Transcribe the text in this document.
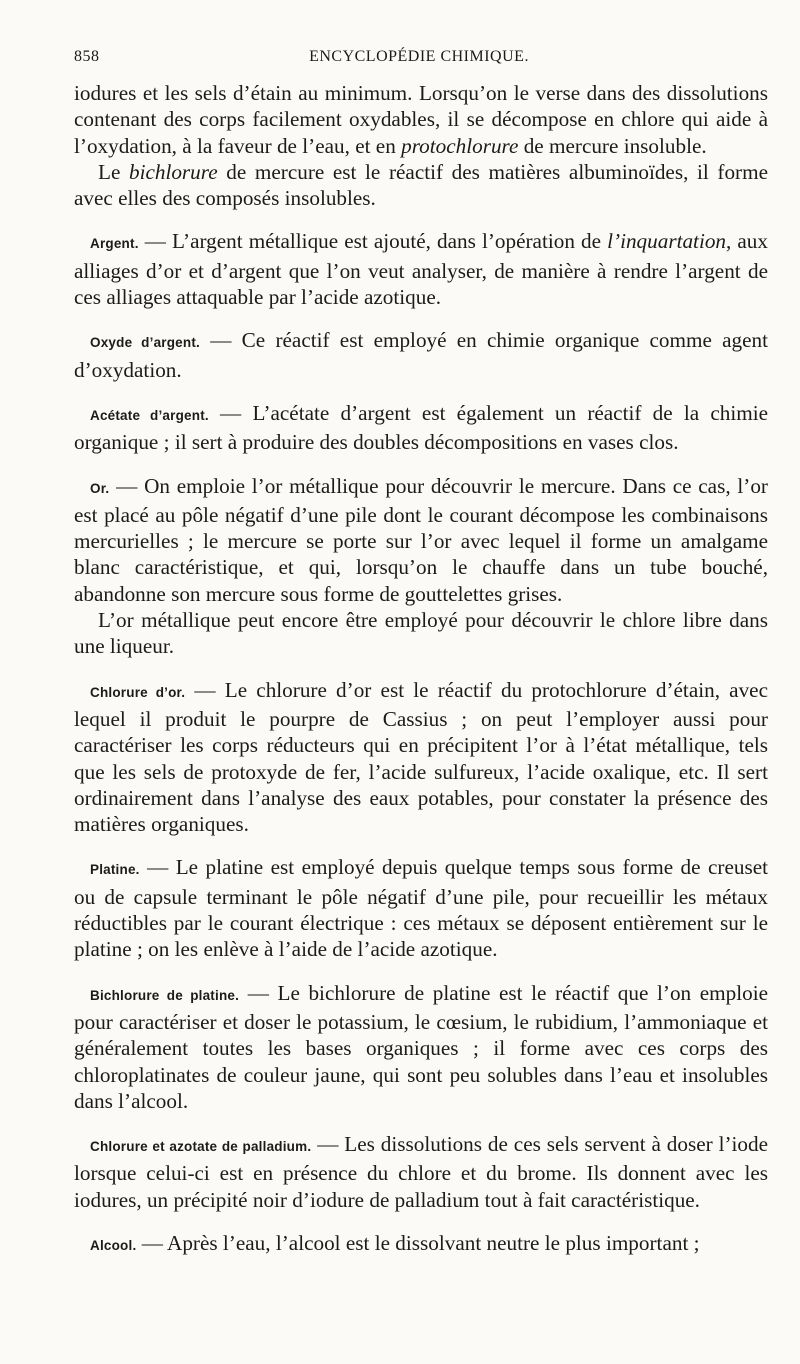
858	ENCYCLOPÉDIE CHIMIQUE.

iodures et les sels d’étain au minimum. Lorsqu’on le verse dans des dissolutions contenant des corps facilement oxydables, il se décompose en chlore qui aide à l’oxydation, à la faveur de l’eau, et en protochlorure de mercure insoluble.

Le bichlorure de mercure est le réactif des matières albuminoïdes, il forme avec elles des composés insolubles.

Argent. — L’argent métallique est ajouté, dans l’opération de l’inquartation, aux alliages d’or et d’argent que l’on veut analyser, de manière à rendre l’argent de ces alliages attaquable par l’acide azotique.

Oxyde d’argent. — Ce réactif est employé en chimie organique comme agent d’oxydation.

Acétate d’argent. — L’acétate d’argent est également un réactif de la chimie organique ; il sert à produire des doubles décompositions en vases clos.

Or. — On emploie l’or métallique pour découvrir le mercure. Dans ce cas, l’or est placé au pôle négatif d’une pile dont le courant décompose les combinaisons mercurielles ; le mercure se porte sur l’or avec lequel il forme un amalgame blanc caractéristique, et qui, lorsqu’on le chauffe dans un tube bouché, abandonne son mercure sous forme de gouttelettes grises.

L’or métallique peut encore être employé pour découvrir le chlore libre dans une liqueur.

Chlorure d’or. — Le chlorure d’or est le réactif du protochlorure d’étain, avec lequel il produit le pourpre de Cassius ; on peut l’employer aussi pour caractériser les corps réducteurs qui en précipitent l’or à l’état métallique, tels que les sels de protoxyde de fer, l’acide sulfureux, l’acide oxalique, etc. Il sert ordinairement dans l’analyse des eaux potables, pour constater la présence des matières organiques.

Platine. — Le platine est employé depuis quelque temps sous forme de creuset ou de capsule terminant le pôle négatif d’une pile, pour recueillir les métaux réductibles par le courant électrique : ces métaux se déposent entièrement sur le platine ; on les enlève à l’aide de l’acide azotique.

Bichlorure de platine. — Le bichlorure de platine est le réactif que l’on emploie pour caractériser et doser le potassium, le cœsium, le rubidium, l’ammoniaque et généralement toutes les bases organiques ; il forme avec ces corps des chloroplatinates de couleur jaune, qui sont peu solubles dans l’eau et insolubles dans l’alcool.

Chlorure et azotate de palladium. — Les dissolutions de ces sels servent à doser l’iode lorsque celui-ci est en présence du chlore et du brome. Ils donnent avec les iodures, un précipité noir d’iodure de palladium tout à fait caractéristique.

Alcool. — Après l’eau, l’alcool est le dissolvant neutre le plus important ;
